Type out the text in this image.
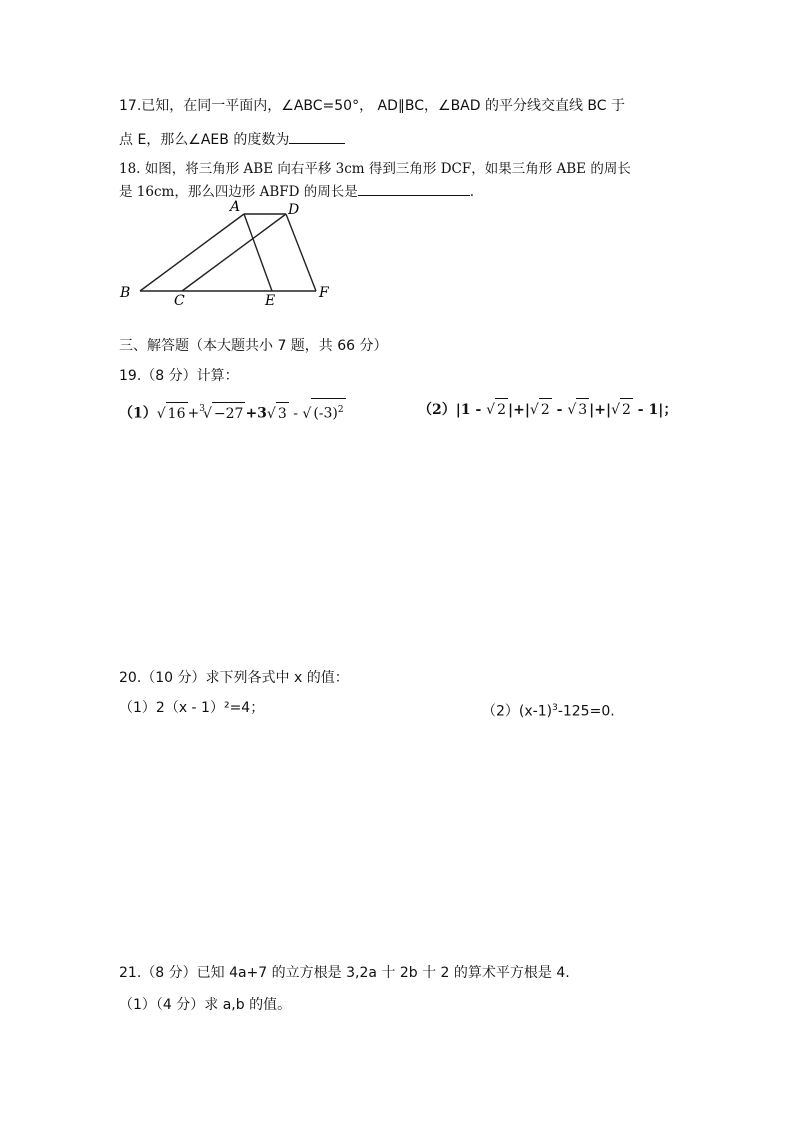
17.已知，在同一平面内，∠ABC=50°， AD∥BC，∠BAD 的平分线交直线 BC 于
点 E，那么∠AEB 的度数为
18. 如图，将三角形 ABE 向右平移 3cm 得到三角形 DCF，如果三角形 ABE 的周长
是 16cm，那么四边形 ABFD 的周长是	.
A	D
B	C	E	F
三、解答题（本大题共小 7 题，共 66 分）
19.（8 分）计算：
（1）√ 16 +$^3$√ −27 +3√ 3 - √ $(-3)^2$	（2）|1 - √ 2 |+|√ 2 - √ 3 |+|√ 2 - 1|；
20.（10 分）求下列各式中 x 的值：
（1）2（x - 1）²=4；	$(2)(x-1)^3-125=0$.
21.（8 分）已知 4a+7 的立方根是 3,2a 十 2b 十 2 的算术平方根是 4.
（1）（4 分）求 a,b 的值。
